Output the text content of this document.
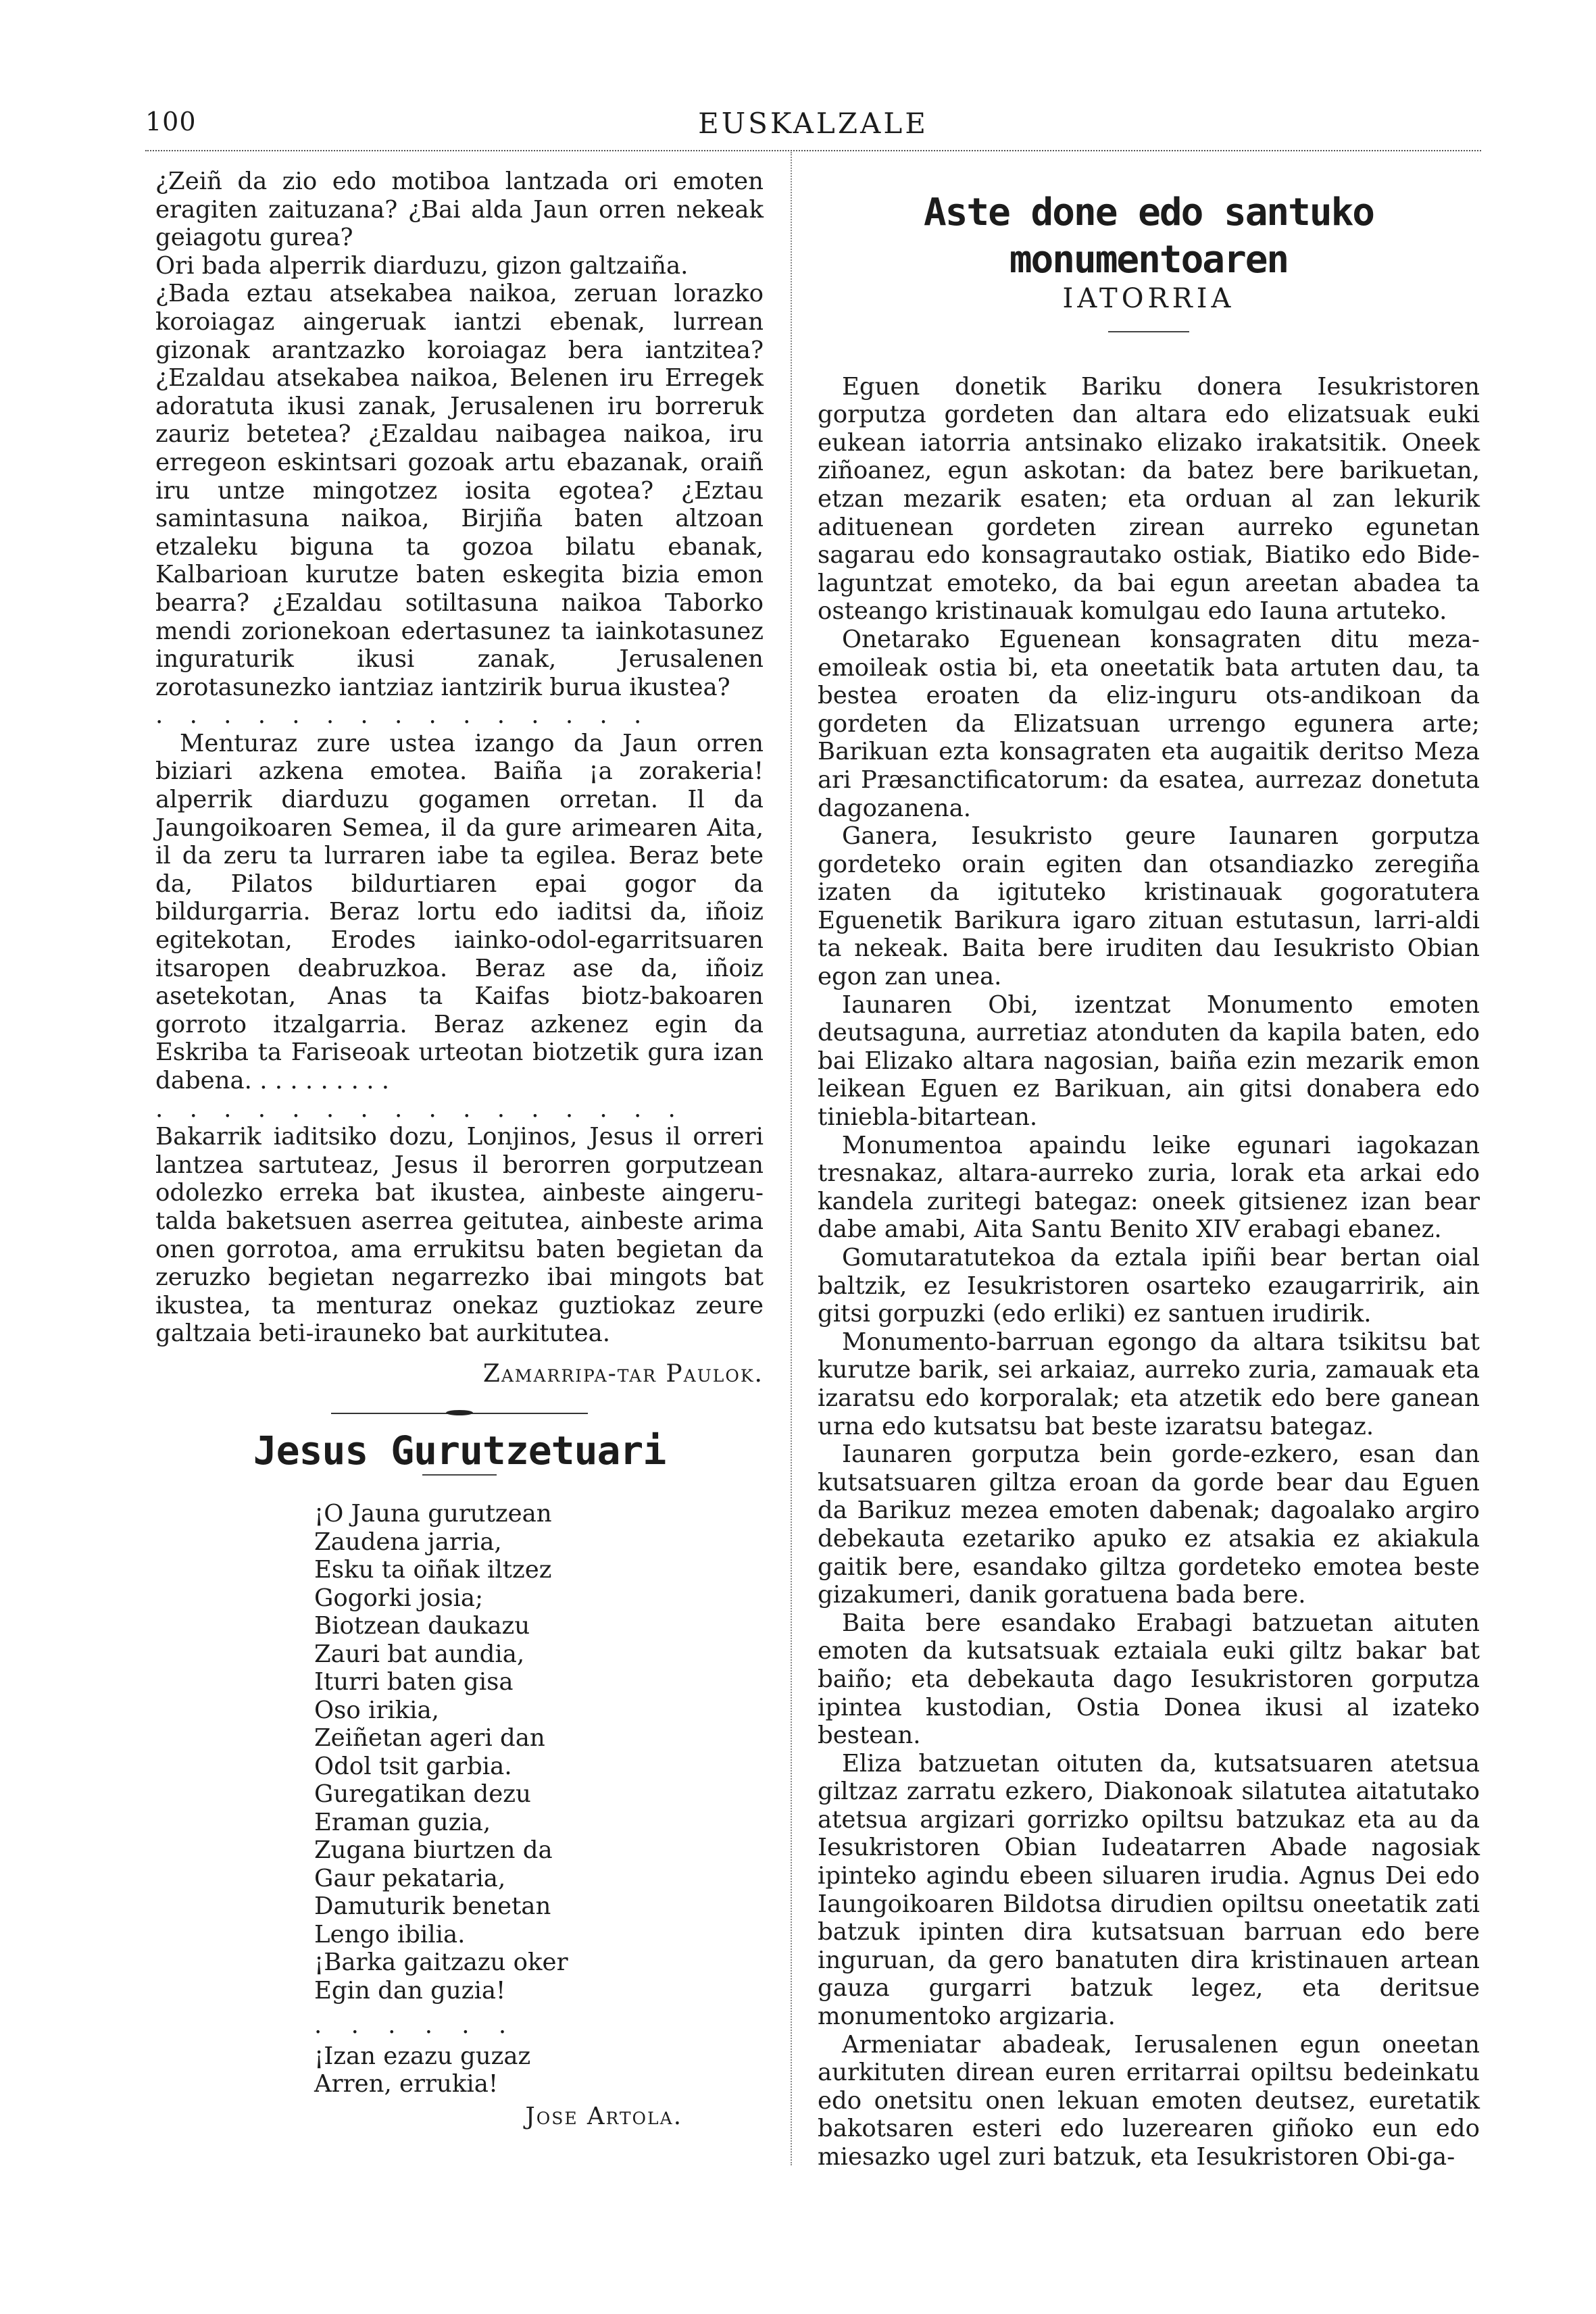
100	EUSKALZALE

¿Zeiñ da zio edo motiboa lantzada ori emoten eragiten zaituzana? ¿Bai alda Jaun orren nekeak geiagotu gurea?

Ori bada alperrik diarduzu, gizon galtzaiña.

¿Bada eztau atsekabea naikoa, zeruan lorazko koroiagaz aingeruak iantzi ebenak, lurrean gizonak arantzazko koroiagaz bera iantzitea? ¿Ezaldau atsekabea naikoa, Belenen iru Erregek adoratuta ikusi zanak, Jerusalenen iru borreruk zauriz betetea? ¿Ezaldau naibagea naikoa, iru erregeon eskintsari gozoak artu ebazanak, oraiñ iru untze mingotzez iosita egotea? ¿Eztau samintasuna naikoa, Birjiña baten altzoan etzaleku biguna ta gozoa bilatu ebanak, Kalbarioan kurutze baten eskegita bizia emon bearra? ¿Ezaldau sotiltasuna naikoa Taborko mendi zorionekoan edertasunez ta iainkotasunez inguraturik ikusi zanak, Jerusalenen zorotasunezko iantziaz iantzirik burua ikustea?

. . . . . . . . . . . . . . .

Menturaz zure ustea izango da Jaun orren biziari azkena emotea. Baiña ¡a zorakeria! alperrik diarduzu gogamen orretan. Il da Jaungoikoaren Semea, il da gure arimearen Aita, il da zeru ta lurraren iabe ta egilea. Beraz bete da, Pilatos bildurtiaren epai gogor da bildurgarria. Beraz lortu edo iaditsi da, iñoiz egitekotan, Erodes iainko-odol-egarritsuaren itsaropen deabruzkoa. Beraz ase da, iñoiz asetekotan, Anas ta Kaifas biotz-bakoaren gorroto itzalgarria. Beraz azkenez egin da Eskriba ta Fariseoak urteotan biotzetik gura izan dabena. . . . . . . . . .

. . . . . . . . . . . . . . . .

Bakarrik iaditsiko dozu, Lonjinos, Jesus il orreri lantzea sartuteaz, Jesus il berorren gorputzean odolezko erreka bat ikustea, ainbeste aingeru-talda baketsuen aserrea geitutea, ainbeste arima onen gorrotoa, ama errukitsu baten begietan da zeruzko begietan negarrezko ibai mingots bat ikustea, ta menturaz onekaz guztiokaz zeure galtzaia beti-irauneko bat aurkitutea.

Zamarripa-tar Paulok.
Jesus Gurutzetuari
¡O Jauna gurutzean
Zaudena jarria,
Esku ta oiñak iltzez
Gogorki josia;
Biotzean daukazu
Zauri bat aundia,
Iturri baten gisa
Oso irikia,
Zeiñetan ageri dan
Odol tsit garbia.
Guregatikan dezu
Eraman guzia,
Zugana biurtzen da
Gaur pekataria,
Damuturik benetan
Lengo ibilia.
¡Barka gaitzazu oker
Egin dan guzia!
. . . . . .
¡Izan ezazu guzaz
Arren, errukia!
Jose Artola.
Aste done edo santuko monumentoaren
IATORRIA

Eguen donetik Bariku donera Iesukristoren gorputza gordeten dan altara edo elizatsuak euki eukean iatorria antsinako elizako irakatsitik. Oneek ziñoanez, egun askotan: da batez bere barikuetan, etzan mezarik esaten; eta orduan al zan lekurik adituenean gordeten zirean aurreko egunetan sagarau edo konsagrautako ostiak, Biatiko edo Bide-laguntzat emoteko, da bai egun areetan abadea ta osteango kristinauak komulgau edo Iauna artuteko.

Onetarako Eguenean konsagraten ditu meza-emoileak ostia bi, eta oneetatik bata artuten dau, ta bestea eroaten da eliz-inguru ots-andikoan da gordeten da Elizatsuan urrengo egunera arte; Barikuan ezta konsagraten eta augaitik deritso Meza ari Præsanctificatorum: da esatea, aurrezaz donetuta dagozanena.

Ganera, Iesukristo geure Iaunaren gorputza gordeteko orain egiten dan otsandiazko zeregiña izaten da igituteko kristinauak gogoratutera Eguenetik Barikura igaro zituan estutasun, larri-aldi ta nekeak. Baita bere iruditen dau Iesukristo Obian egon zan unea.

Iaunaren Obi, izentzat Monumento emoten deutsaguna, aurretiaz atonduten da kapila baten, edo bai Elizako altara nagosian, baiña ezin mezarik emon leikean Eguen ez Barikuan, ain gitsi donabera edo tiniebla-bitartean.

Monumentoa apaindu leike egunari iagokazan tresnakaz, altara-aurreko zuria, lorak eta arkai edo kandela zuritegi bategaz: oneek gitsienez izan bear dabe amabi, Aita Santu Benito XIV erabagi ebanez.

Gomutaratutekoa da eztala ipiñi bear bertan oial baltzik, ez Iesukristoren osarteko ezaugarririk, ain gitsi gorpuzki (edo erliki) ez santuen irudirik.

Monumento-barruan egongo da altara tsikitsu bat kurutze barik, sei arkaiaz, aurreko zuria, zamauak eta izaratsu edo korporalak; eta atzetik edo bere ganean urna edo kutsatsu bat beste izaratsu bategaz.

Iaunaren gorputza bein gorde-ezkero, esan dan kutsatsuaren giltza eroan da gorde bear dau Eguen da Barikuz mezea emoten dabenak; dagoalako argiro debekauta ezetariko apuko ez atsakia ez akiakula gaitik bere, esandako giltza gordeteko emotea beste gizakumeri, danik goratuena bada bere.

Baita bere esandako Erabagi batzuetan aituten emoten da kutsatsuak eztaiala euki giltz bakar bat baiño; eta debekauta dago Iesukristoren gorputza ipintea kustodian, Ostia Donea ikusi al izateko bestean.

Eliza batzuetan oituten da, kutsatsuaren atetsua giltzaz zarratu ezkero, Diakonoak silatutea aitatutako atetsua argizari gorrizko opiltsu batzukaz eta au da Iesukristoren Obian Iudeatarren Abade nagosiak ipinteko agindu ebeen siluaren irudia. Agnus Dei edo Iaungoikoaren Bildotsa dirudien opiltsu oneetatik zati batzuk ipinten dira kutsatsuan barruan edo bere inguruan, da gero banatuten dira kristinauen artean gauza gurgarri batzuk legez, eta deritsue monumentoko argizaria.

Armeniatar abadeak, Ierusalenen egun oneetan aurkituten direan euren erritarrai opiltsu bedeinkatu edo onetsitu onen lekuan emoten deutsez, euretatik bakotsaren esteri edo luzerearen giñoko eun edo miesazko ugel zuri batzuk, eta Iesukristoren Obi-ga-
